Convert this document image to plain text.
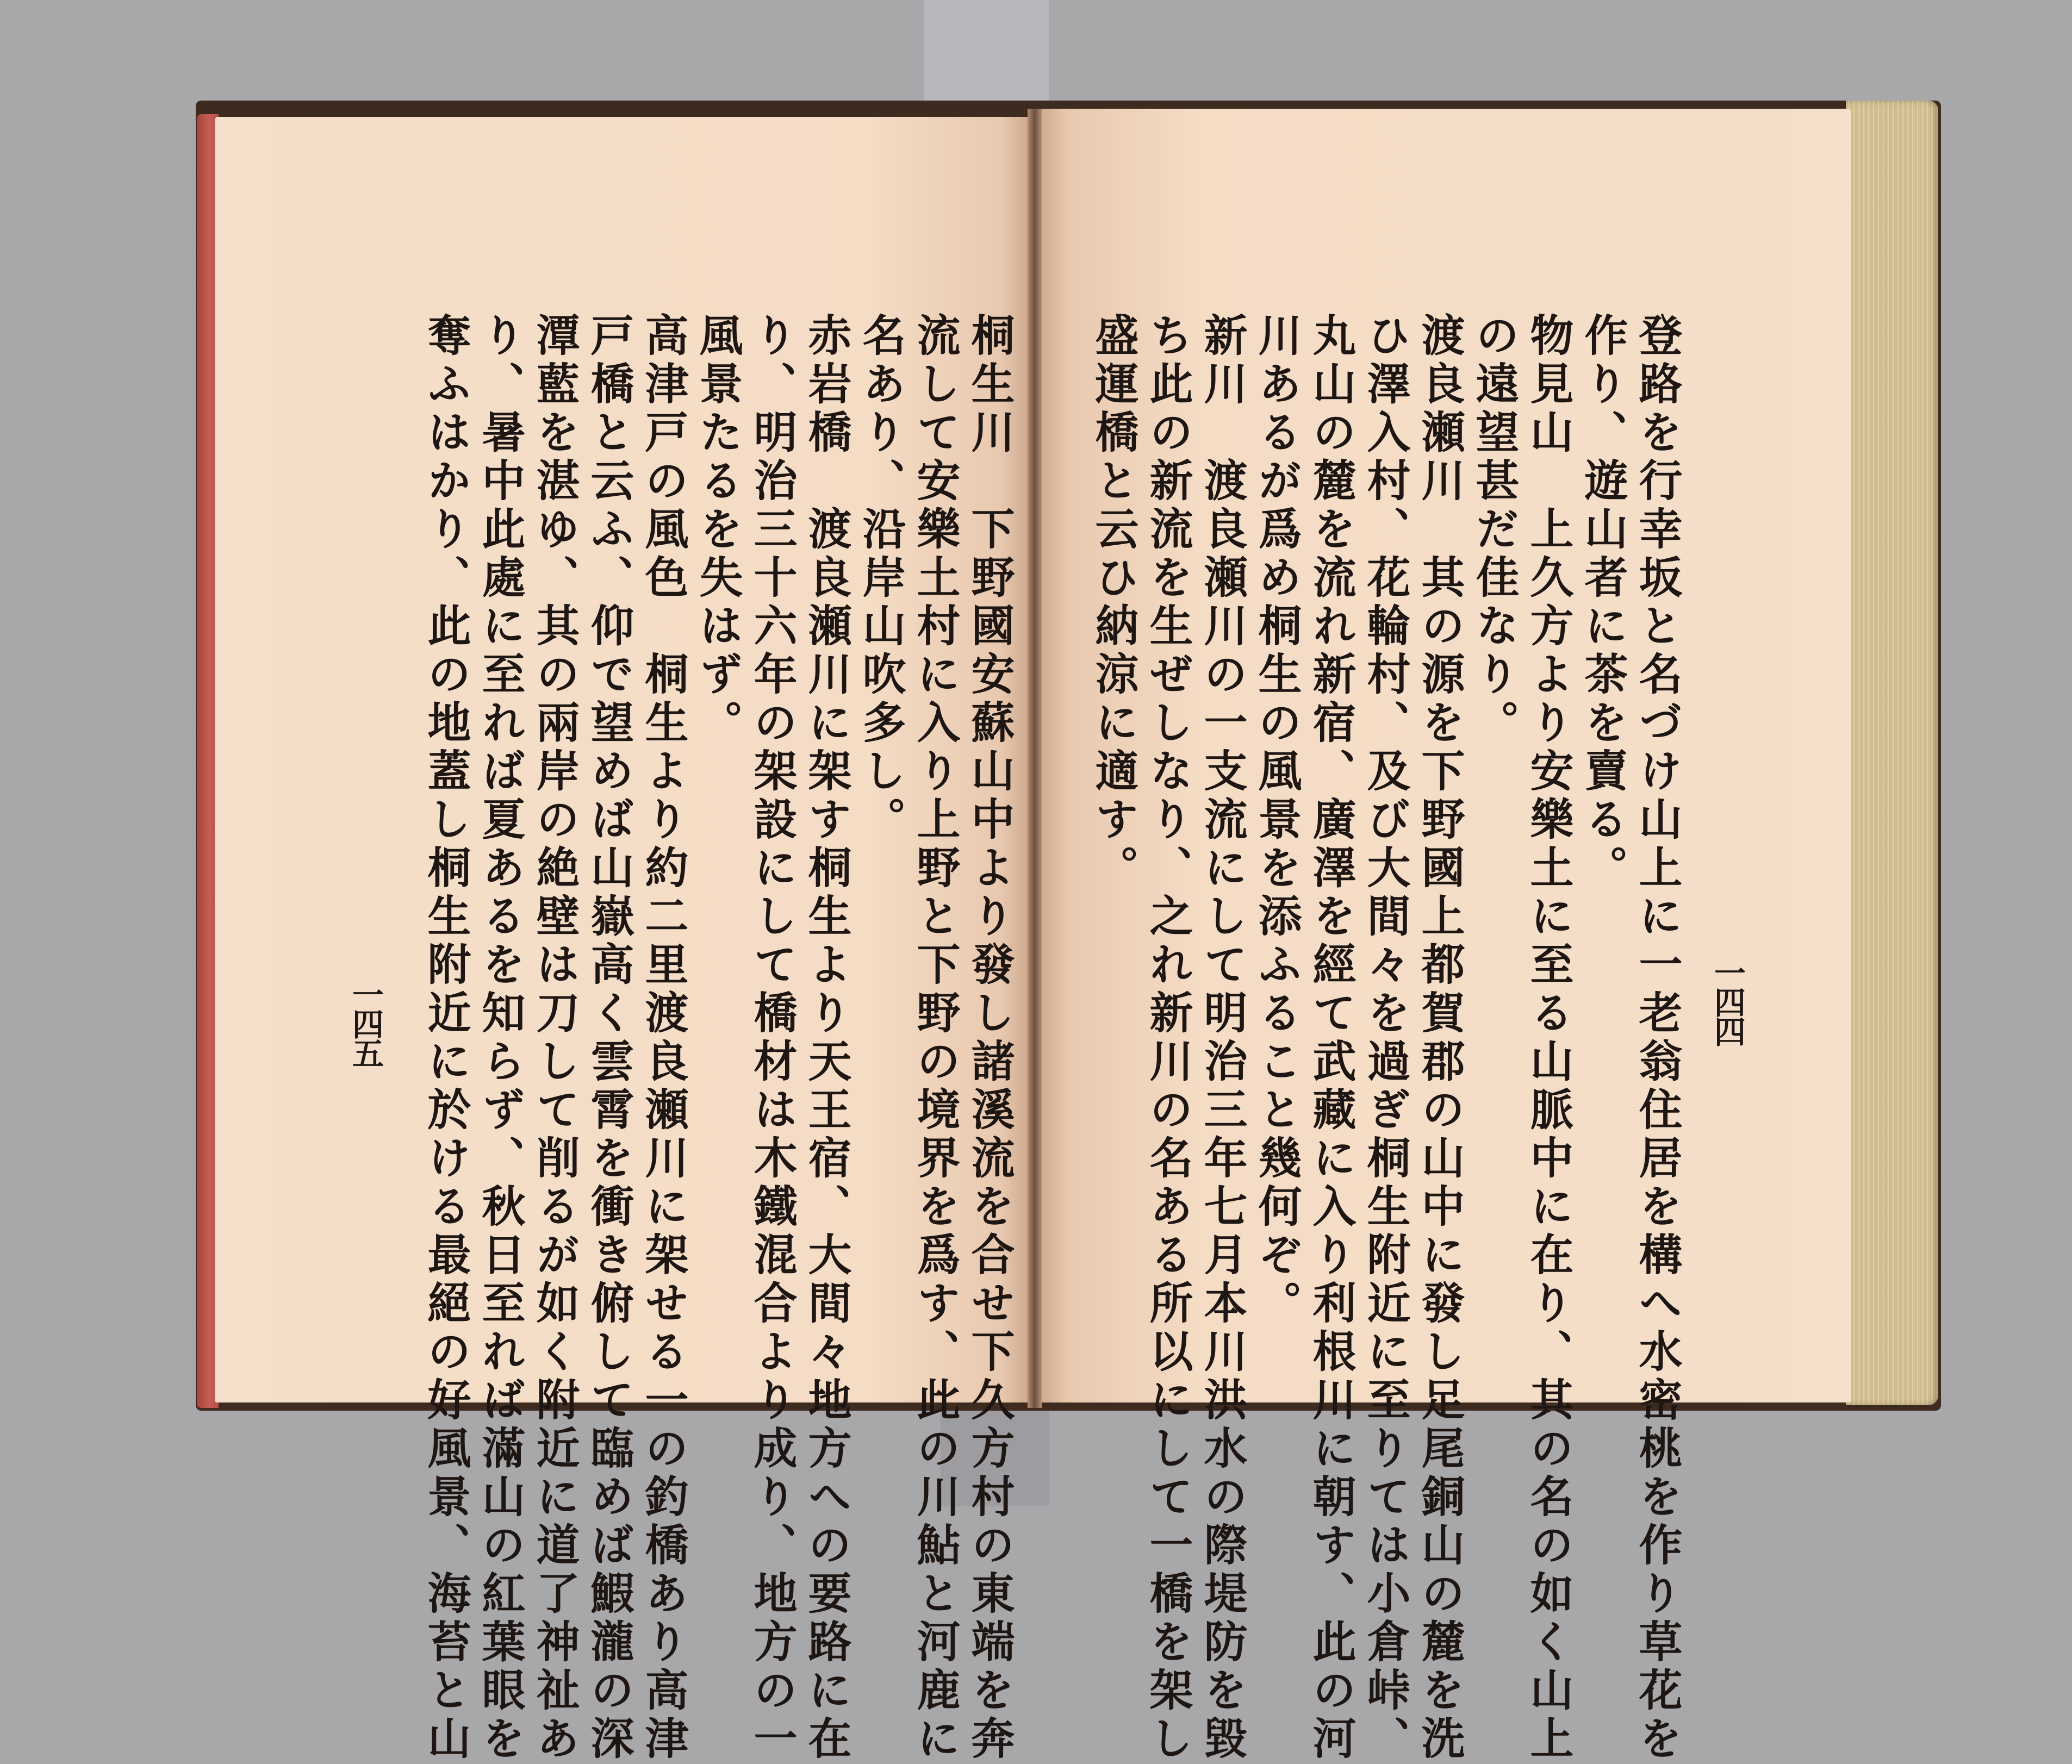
登路を行幸坂と名づけ山上に一老翁住居を構へ水密桃を作り草花を
作り、遊山者に茶を賣る。
物見山　上久方より安樂土に至る山脈中に在り、其の名の如く山上
の遠望甚だ佳なり。
渡良瀬川　其の源を下野國上都賀郡の山中に發し足尾銅山の麓を洗
ひ澤入村、花輪村、及び大間々を過ぎ桐生附近に至りては小倉峠、
丸山の麓を流れ新宿、廣澤を經て武藏に入り利根川に朝す、此の河
川あるが爲め桐生の風景を添ふること幾何ぞ。
新川　渡良瀬川の一支流にして明治三年七月本川洪水の際堤防を毀
ち此の新流を生ぜしなり、之れ新川の名ある所以にして一橋を架し
盛運橋と云ひ納涼に適す。
一四四
桐生川　下野國安蘇山中より發し諸溪流を合せ下久方村の東端を奔
流して安樂土村に入り上野と下野の境界を爲す、此の川鮎と河鹿に
名あり、沿岸山吹多し。
赤岩橋　渡良瀬川に架す桐生より天王宿、大間々地方への要路に在
り、明治三十六年の架設にして橋材は木鐵混合より成り、地方の一
風景たるを失はず。
高津戸の風色　桐生より約二里渡良瀬川に架せる一の釣橋あり高津
戸橋と云ふ、仰で望めば山嶽高く雲霄を衝き俯して臨めば鰕瀧の深
潭藍を湛ゆ、其の兩岸の絶壁は刀して削るが如く附近に道了神祉あ
り、暑中此處に至れば夏あるを知らず、秋日至れば滿山の紅葉眼を
奪ふはかり、此の地蓋し桐生附近に於ける最絕の好風景、海苔と山
一四五
